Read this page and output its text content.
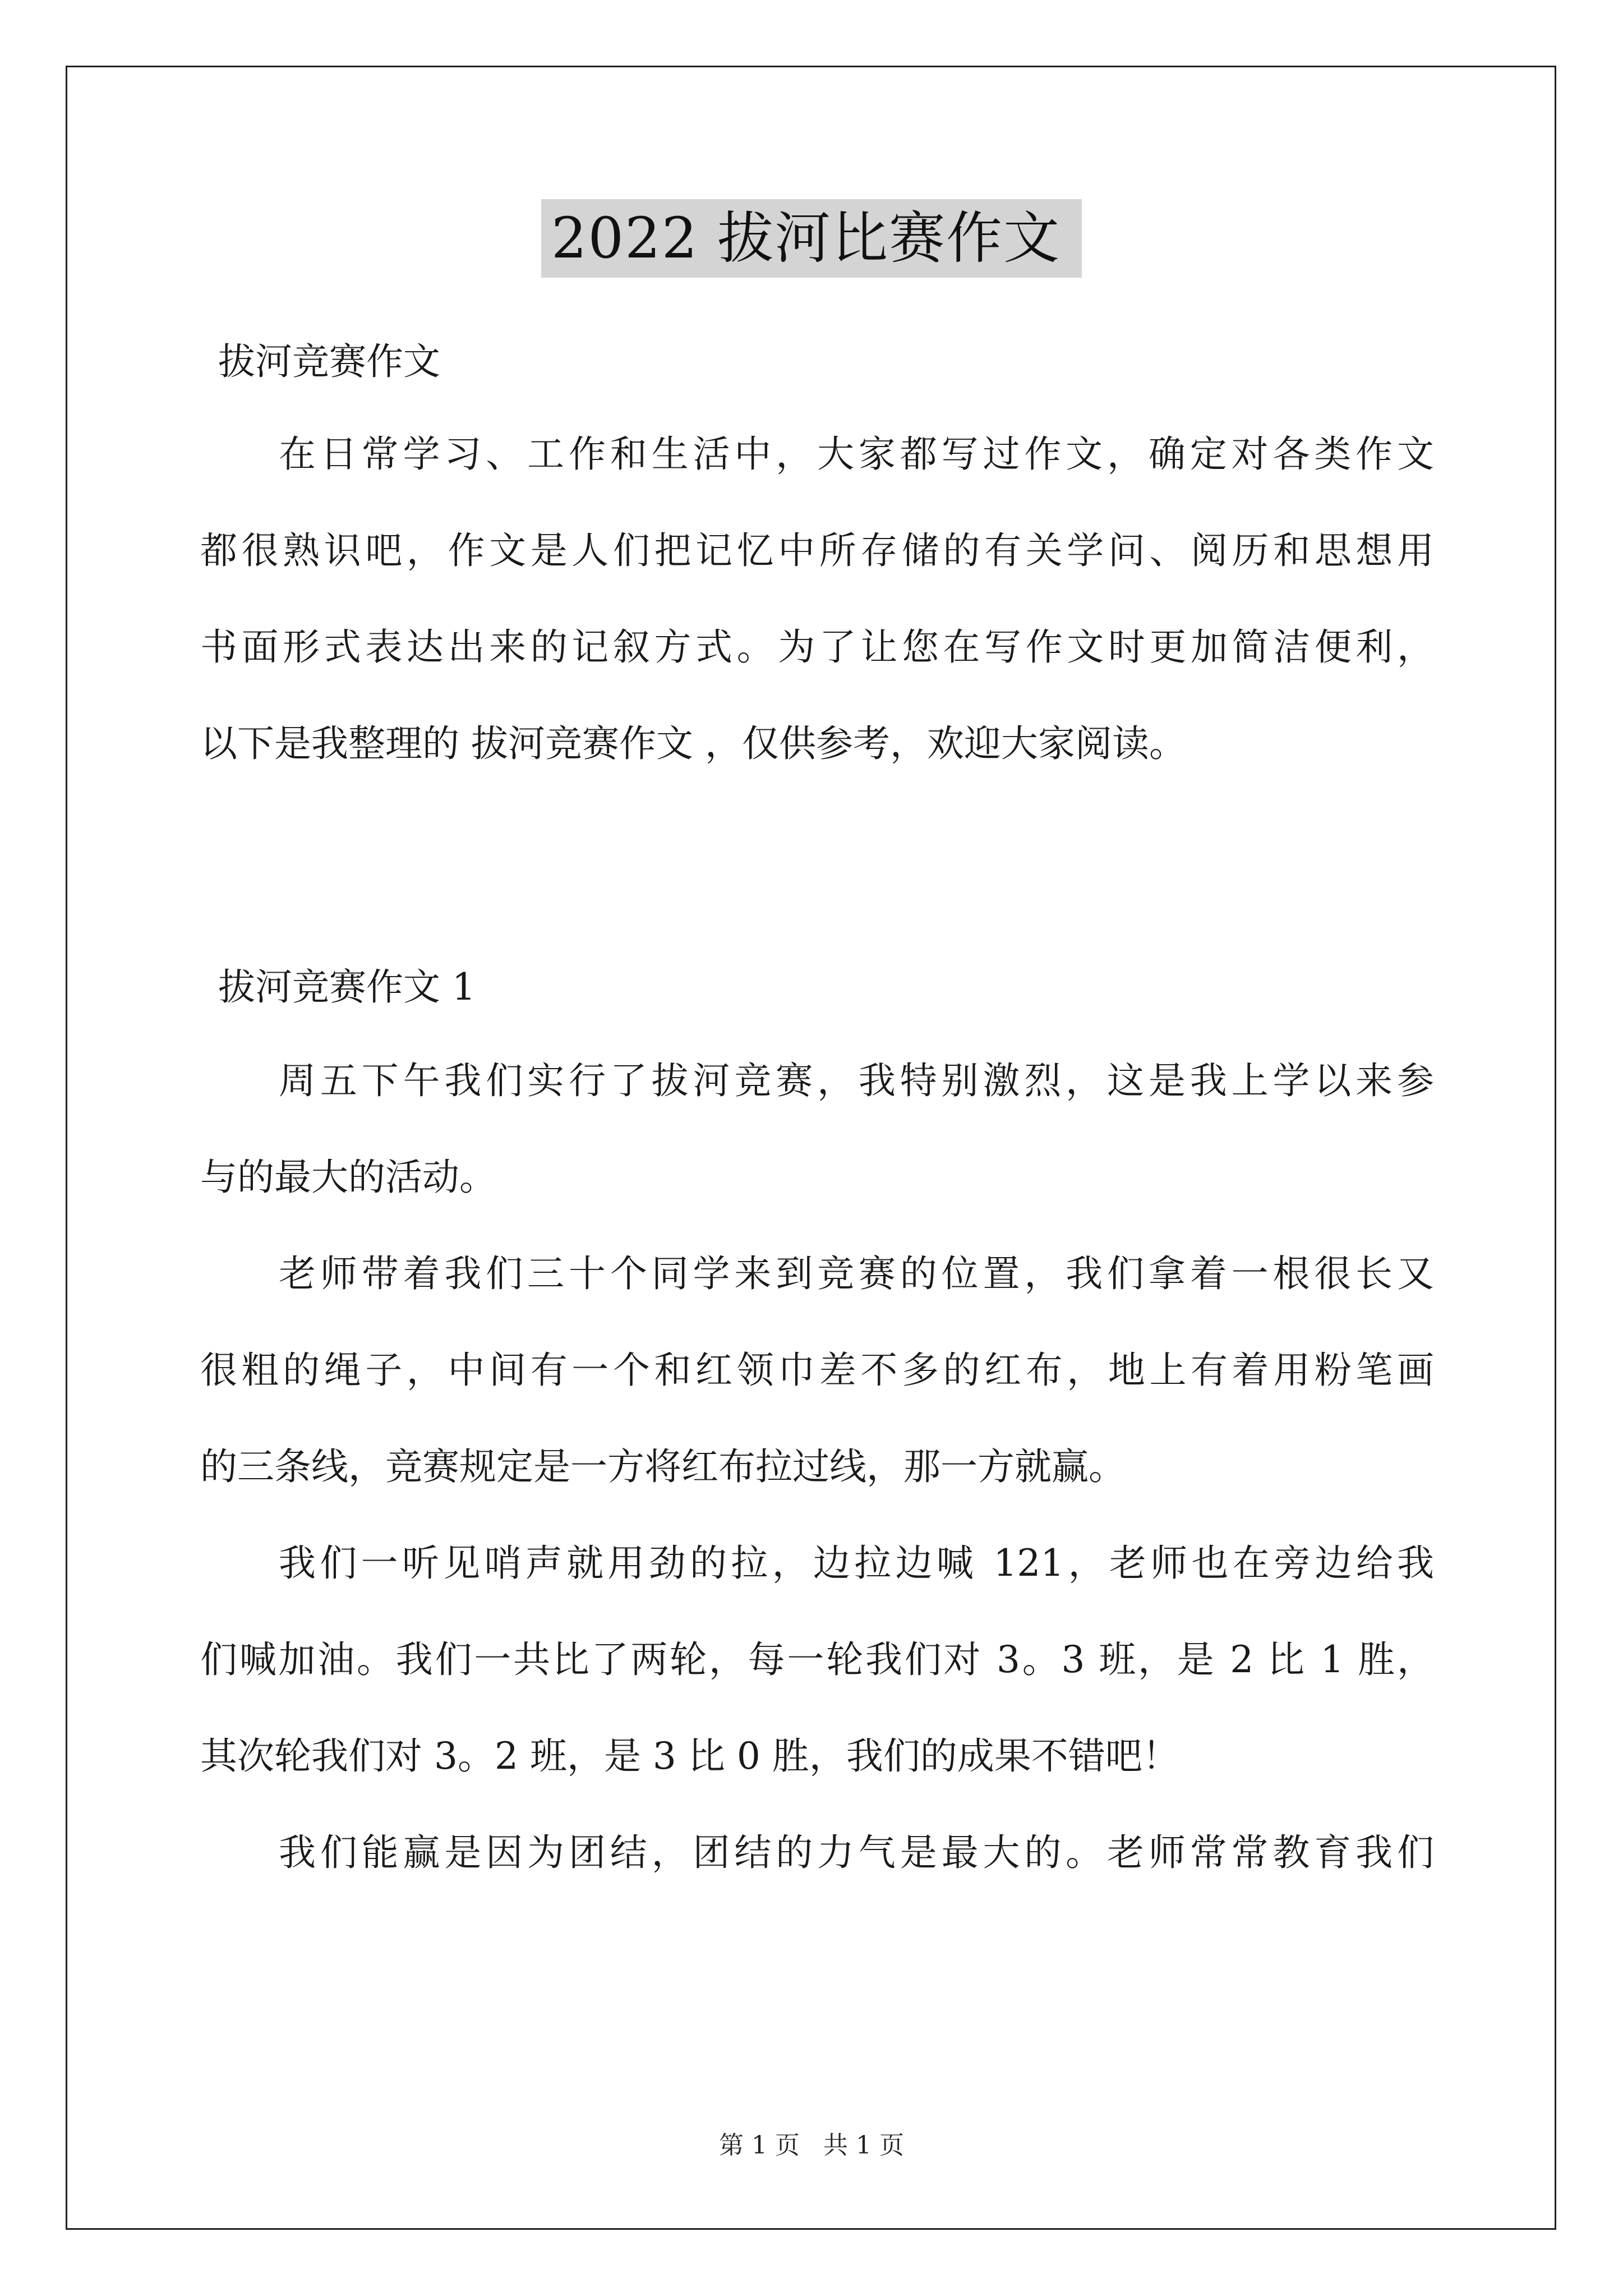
2022 拔河比赛作文
拔河竞赛作文
在日常学习、工作和生活中，大家都写过作文，确定对各类作文
都很熟识吧，作文是人们把记忆中所存储的有关学问、阅历和思想用
书面形式表达出来的记叙方式。为了让您在写作文时更加简洁便利，
以下是我整理的 拔河竞赛作文 ，仅供参考，欢迎大家阅读。
拔河竞赛作文 1
周五下午我们实行了拔河竞赛，我特别激烈，这是我上学以来参
与的最大的活动。
老师带着我们三十个同学来到竞赛的位置，我们拿着一根很长又
很粗的绳子，中间有一个和红领巾差不多的红布，地上有着用粉笔画
的三条线，竞赛规定是一方将红布拉过线，那一方就赢。
我们一听见哨声就用劲的拉，边拉边喊 121，老师也在旁边给我
们喊加油。我们一共比了两轮，每一轮我们对 3。3 班，是 2 比 1 胜，
其次轮我们对 3。2 班，是 3 比 0 胜，我们的成果不错吧！
我们能赢是因为团结，团结的力气是最大的。老师常常教育我们
第 1 页 共 1 页
